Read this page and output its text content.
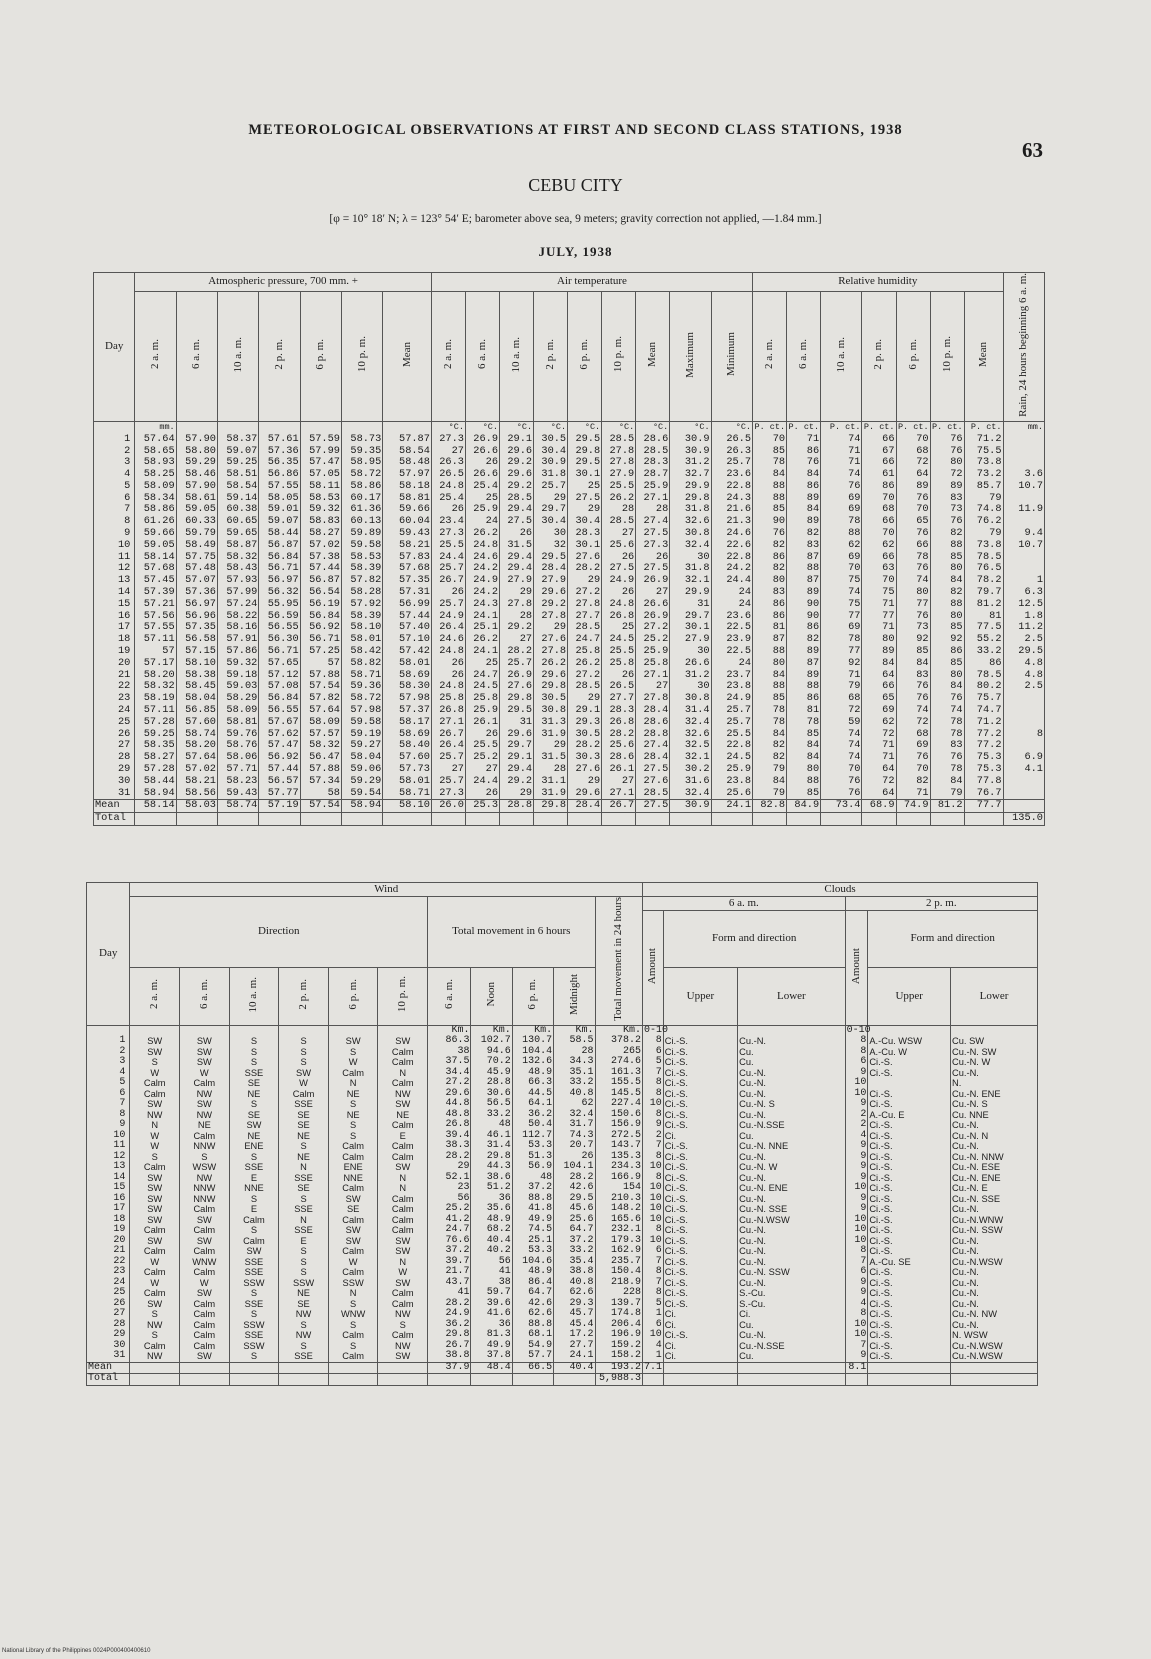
METEOROLOGICAL OBSERVATIONS AT FIRST AND SECOND CLASS STATIONS, 1938
63
CEBU CITY
[φ = 10° 18′ N; λ = 123° 54′ E; barometer above sea, 9 meters; gravity correction not applied, —1.84 mm.]
JULY, 1938
Day	Atmospheric pressure, 700 mm. +							Air temperature									Relative humidity							Rain, 24 hours beginning 6 a. m.
	2 a. m.	6 a. m.	10 a. m.	2 p. m.	6 p. m.	10 p. m.	Mean	2 a. m.	6 a. m.	10 a. m.	2 p. m.	6 p. m.	10 p. m.	Mean	Maximum	Minimum	2 a. m.	6 a. m.	10 a. m.	2 p. m.	6 p. m.	10 p. m.	Mean	
	mm.							°C.	°C.	°C.	°C.	°C.	°C.	°C.	°C.	°C.	P. ct.	P. ct.	P. ct.	P. ct.	P. ct.	P. ct.	P. ct.	mm.
1	57.64	57.90	58.37	57.61	57.59	58.73	57.87	27.3	26.9	29.1	30.5	29.5	28.5	28.6	30.9	26.5	70	71	74	66	70	76	71.2	
2	58.65	58.80	59.07	57.36	57.99	59.35	58.54	27	26.6	29.6	30.4	29.8	27.8	28.5	30.9	26.3	85	86	71	67	68	76	75.5	
3	58.93	59.29	59.25	56.35	57.47	58.95	58.48	26.3	26	29.2	30.9	29.5	27.8	28.3	31.2	25.7	78	76	71	66	72	80	73.8	
4	58.25	58.46	58.51	56.86	57.05	58.72	57.97	26.5	26.6	29.6	31.8	30.1	27.9	28.7	32.7	23.6	84	84	74	61	64	72	73.2	3.6
5	58.09	57.90	58.54	57.55	58.11	58.86	58.18	24.8	25.4	29.2	25.7	25	25.5	25.9	29.9	22.8	88	86	76	86	89	89	85.7	10.7
6	58.34	58.61	59.14	58.05	58.53	60.17	58.81	25.4	25	28.5	29	27.5	26.2	27.1	29.8	24.3	88	89	69	70	76	83	79	
7	58.86	59.05	60.38	59.01	59.32	61.36	59.66	26	25.9	29.4	29.7	29	28	28	31.8	21.6	85	84	69	68	70	73	74.8	11.9
8	61.26	60.33	60.65	59.07	58.83	60.13	60.04	23.4	24	27.5	30.4	30.4	28.5	27.4	32.6	21.3	90	89	78	66	65	76	76.2	
9	59.66	59.79	59.65	58.44	58.27	59.89	59.43	27.3	26.2	26	30	28.3	27	27.5	30.8	24.6	76	82	88	70	76	82	79	9.4
10	59.05	58.49	58.87	56.87	57.02	59.58	58.21	25.5	24.8	31.5	32	30.1	25.6	27.3	32.4	22.6	82	83	62	62	66	88	73.8	10.7
11	58.14	57.75	58.32	56.84	57.38	58.53	57.83	24.4	24.6	29.4	29.5	27.6	26	26	30	22.8	86	87	69	66	78	85	78.5	
12	57.68	57.48	58.43	56.71	57.44	58.39	57.68	25.7	24.2	29.4	28.4	28.2	27.5	27.5	31.8	24.2	82	88	70	63	76	80	76.5	
13	57.45	57.07	57.93	56.97	56.87	57.82	57.35	26.7	24.9	27.9	27.9	29	24.9	26.9	32.1	24.4	80	87	75	70	74	84	78.2	1
14	57.39	57.36	57.99	56.32	56.54	58.28	57.31	26	24.2	29	29.6	27.2	26	27	29.9	24	83	89	74	75	80	82	79.7	6.3
15	57.21	56.97	57.24	55.95	56.19	57.92	56.99	25.7	24.3	27.8	29.2	27.8	24.8	26.6	31	24	86	90	75	71	77	88	81.2	12.5
16	57.56	56.96	58.22	56.59	56.84	58.39	57.44	24.9	24.1	28	27.8	27.7	26.8	26.9	29.7	23.6	86	90	77	77	76	80	81	1.8
17	57.55	57.35	58.16	56.55	56.92	58.10	57.40	26.4	25.1	29.2	29	28.5	25	27.2	30.1	22.5	81	86	69	71	73	85	77.5	11.2
18	57.11	56.58	57.91	56.30	56.71	58.01	57.10	24.6	26.2	27	27.6	24.7	24.5	25.2	27.9	23.9	87	82	78	80	92	92	55.2	2.5
19	57	57.15	57.86	56.71	57.25	58.42	57.42	24.8	24.1	28.2	27.8	25.8	25.5	25.9	30	22.5	88	89	77	89	85	86	33.2	29.5
20	57.17	58.10	59.32	57.65	57	58.82	58.01	26	25	25.7	26.2	26.2	25.8	25.8	26.6	24	80	87	92	84	84	85	86	4.8
21	58.20	58.38	59.18	57.12	57.88	58.71	58.69	26	24.7	26.9	29.6	27.2	26	27.1	31.2	23.7	84	89	71	64	83	80	78.5	4.8
22	58.32	58.45	59.03	57.08	57.54	59.36	58.30	24.8	24.5	27.6	29.8	28.5	26.5	27	30	23.8	88	88	79	66	76	84	80.2	2.5
23	58.19	58.04	58.29	56.84	57.82	58.72	57.98	25.8	25.8	29.8	30.5	29	27.7	27.8	30.8	24.9	85	86	68	65	76	76	75.7	
24	57.11	56.85	58.09	56.55	57.64	57.98	57.37	26.8	25.9	29.5	30.8	29.1	28.3	28.4	31.4	25.7	78	81	72	69	74	74	74.7	
25	57.28	57.60	58.81	57.67	58.09	59.58	58.17	27.1	26.1	31	31.3	29.3	26.8	28.6	32.4	25.7	78	78	59	62	72	78	71.2	
26	59.25	58.74	59.76	57.62	57.57	59.19	58.69	26.7	26	29.6	31.9	30.5	28.2	28.8	32.6	25.5	84	85	74	72	68	78	77.2	8
27	58.35	58.20	58.76	57.47	58.32	59.27	58.40	26.4	25.5	29.7	29	28.2	25.6	27.4	32.5	22.8	82	84	74	71	69	83	77.2	
28	58.27	57.64	58.06	56.92	56.47	58.04	57.60	25.7	25.2	29.1	31.5	30.3	28.6	28.4	32.1	24.5	82	84	74	71	76	76	75.3	6.9
29	57.28	57.02	57.71	57.44	57.88	59.06	57.73	27	27	29.4	28	27.6	26.1	27.5	30.2	25.9	79	80	70	64	70	78	75.3	4.1
30	58.44	58.21	58.23	56.57	57.34	59.29	58.01	25.7	24.4	29.2	31.1	29	27	27.6	31.6	23.8	84	88	76	72	82	84	77.8	
31	58.94	58.56	59.43	57.77	58	59.54	58.71	27.3	26	29	31.9	29.6	27.1	28.5	32.4	25.6	79	85	76	64	71	79	76.7	
Mean	58.14	58.03	58.74	57.19	57.54	58.94	58.10	26.0	25.3	28.8	29.8	28.4	26.7	27.5	30.9	24.1	82.8	84.9	73.4	68.9	74.9	81.2	77.7	
Total																								135.0
Day	Wind											Clouds					
	Direction						Total movement in 6 hours				Total movement in 24 hours	6 a. m.			2 p. m.		
												Amount	Form and direction		Amount	Form and direction	
	2 a. m.	6 a. m.	10 a. m.	2 p. m.	6 p. m.	10 p. m.	6 a. m.	Noon	6 p. m.	Midnight			Upper	Lower		Upper	Lower
							Km.	Km.	Km.	Km.	Km.	0-10			0-10		
1	SW	SW	S	S	SW	SW	86.3	102.7	130.7	58.5	378.2	8	Ci.-S.	Cu.-N.	8	A.-Cu. WSW	Cu. SW
2	SW	SW	S	S	S	Calm	38	94.6	104.4	28	265	6	Ci.-S.	Cu.	8	A.-Cu. W	Cu.-N. SW
3	S	SW	S	S	W	Calm	37.5	70.2	132.6	34.3	274.6	5	Ci.-S.	Cu.	6	Ci.-S.	Cu.-N. W
4	W	W	SSE	SW	Calm	N	34.4	45.9	48.9	35.1	161.3	7	Ci.-S.	Cu.-N.	9	Ci.-S.	Cu.-N.
5	Calm	Calm	SE	W	N	Calm	27.2	28.8	66.3	33.2	155.5	8	Ci.-S.	Cu.-N.	10		N.
6	Calm	NW	NE	Calm	NE	NW	29.6	30.6	44.5	40.8	145.5	8	Ci.-S.	Cu.-N.	10	Ci.-S.	Cu.-N. ENE
7	SW	SW	S	SSE	S	SW	44.8	56.5	64.1	62	227.4	10	Ci.-S.	Cu.-N. S	9	Ci.-S.	Cu.-N. S
8	NW	NW	SE	SE	NE	NE	48.8	33.2	36.2	32.4	150.6	8	Ci.-S.	Cu.-N.	2	A.-Cu. E	Cu. NNE
9	N	NE	SW	SE	S	Calm	26.8	48	50.4	31.7	156.9	9	Ci.-S.	Cu.-N.SSE	2	Ci.-S.	Cu.-N.
10	W	Calm	NE	NE	S	E	39.4	46.1	112.7	74.3	272.5	2	Ci.	Cu.	4	Ci.-S.	Cu.-N. N
11	W	NNW	ENE	S	Calm	Calm	38.3	31.4	53.3	20.7	143.7	7	Ci.-S.	Cu.-N. NNE	9	Ci.-S.	Cu.-N.
12	S	S	S	NE	Calm	Calm	28.2	29.8	51.3	26	135.3	8	Ci.-S.	Cu.-N.	9	Ci.-S.	Cu.-N. NNW
13	Calm	WSW	SSE	N	ENE	SW	29	44.3	56.9	104.1	234.3	10	Ci.-S.	Cu.-N. W	9	Ci.-S.	Cu.-N. ESE
14	SW	NW	E	SSE	NNE	N	52.1	38.6	48	28.2	166.9	8	Ci.-S.	Cu.-N.	9	Ci.-S.	Cu.-N. ENE
15	SW	NNW	NNE	SE	Calm	N	23	51.2	37.2	42.6	154	10	Ci.-S.	Cu.-N. ENE	10	Ci.-S.	Cu.-N. E
16	SW	NNW	S	S	SW	Calm	56	36	88.8	29.5	210.3	10	Ci.-S.	Cu.-N.	9	Ci.-S.	Cu.-N. SSE
17	SW	Calm	E	SSE	SE	Calm	25.2	35.6	41.8	45.6	148.2	10	Ci.-S.	Cu.-N. SSE	9	Ci.-S.	Cu.-N.
18	SW	SW	Calm	N	Calm	Calm	41.2	48.9	49.9	25.6	165.6	10	Ci.-S.	Cu.-N.WSW	10	Ci.-S.	Cu.-N.WNW
19	Calm	Calm	S	SSE	SW	Calm	24.7	68.2	74.5	64.7	232.1	8	Ci.-S.	Cu.-N.	10	Ci.-S.	Cu.-N. SSW
20	SW	SW	Calm	E	SW	SW	76.6	40.4	25.1	37.2	179.3	10	Ci.-S.	Cu.-N.	10	Ci.-S.	Cu.-N.
21	Calm	Calm	SW	S	Calm	SW	37.2	40.2	53.3	33.2	162.9	6	Ci.-S.	Cu.-N.	8	Ci.-S.	Cu.-N.
22	W	WNW	SSE	S	W	N	39.7	56	104.6	35.4	235.7	7	Ci.-S.	Cu.-N.	7	A.-Cu. SE	Cu.-N.WSW
23	Calm	Calm	SSE	S	Calm	W	21.7	41	48.9	38.8	150.4	8	Ci.-S.	Cu.-N. SSW	6	Ci.-S.	Cu.-N.
24	W	W	SSW	SSW	SSW	SW	43.7	38	86.4	40.8	218.9	7	Ci.-S.	Cu.-N.	9	Ci.-S.	Cu.-N.
25	Calm	SW	S	NE	N	Calm	41	59.7	64.7	62.6	228	8	Ci.-S.	S.-Cu.	9	Ci.-S.	Cu.-N.
26	SW	Calm	SSE	SE	S	Calm	28.2	39.6	42.6	29.3	139.7	5	Ci.-S.	S.-Cu.	4	Ci.-S.	Cu.-N.
27	S	Calm	S	NW	WNW	NW	24.9	41.6	62.6	45.7	174.8	1	Ci.	Ci.	8	Ci.-S.	Cu.-N. NW
28	NW	Calm	SSW	S	S	S	36.2	36	88.8	45.4	206.4	6	Ci.	Cu.	10	Ci.-S.	Cu.-N.
29	S	Calm	SSE	NW	Calm	Calm	29.8	81.3	68.1	17.2	196.9	10	Ci.-S.	Cu.-N.	10	Ci.-S.	N. WSW
30	Calm	Calm	SSW	S	S	NW	26.7	49.9	54.9	27.7	159.2	4	Ci.	Cu.-N.SSE	7	Ci.-S.	Cu.-N.WSW
31	NW	SW	S	SSE	Calm	SW	38.8	37.8	57.7	24.1	158.2	1	Ci.	Cu.	9	Ci.-S.	Cu.-N.WSW
Mean							37.9	48.4	66.5	40.4	193.2	7.1			8.1		
Total											5,988.3						
National Library of the Philippines 0024P000400400610
